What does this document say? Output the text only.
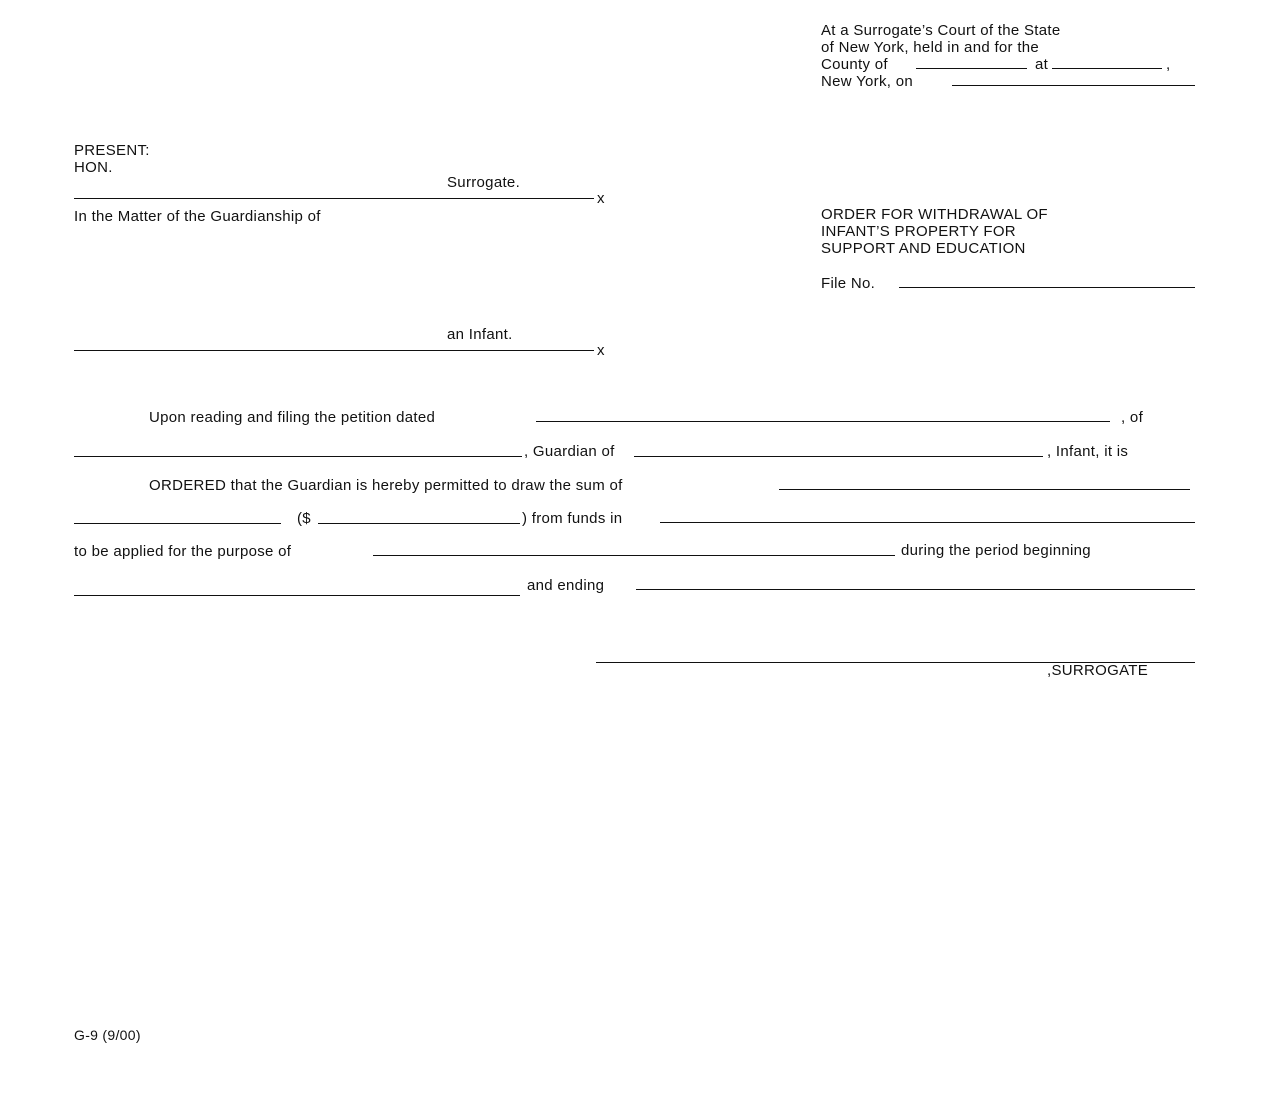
At a Surrogate’s Court of the State
of New York, held in and for the
County of	at	,
New York, on
PRESENT:
HON.
Surrogate.
x
In the Matter of the Guardianship of
an Infant.
x
ORDER FOR WITHDRAWAL OF
INFANT’S PROPERTY FOR
SUPPORT AND EDUCATION
File No.
Upon reading and filing the petition dated	, of
, Guardian of	, Infant, it is
ORDERED that the Guardian is hereby permitted to draw the sum of
($	) from funds in
to be applied for the purpose of	during the period beginning
and ending
,SURROGATE
G-9 (9/00)
